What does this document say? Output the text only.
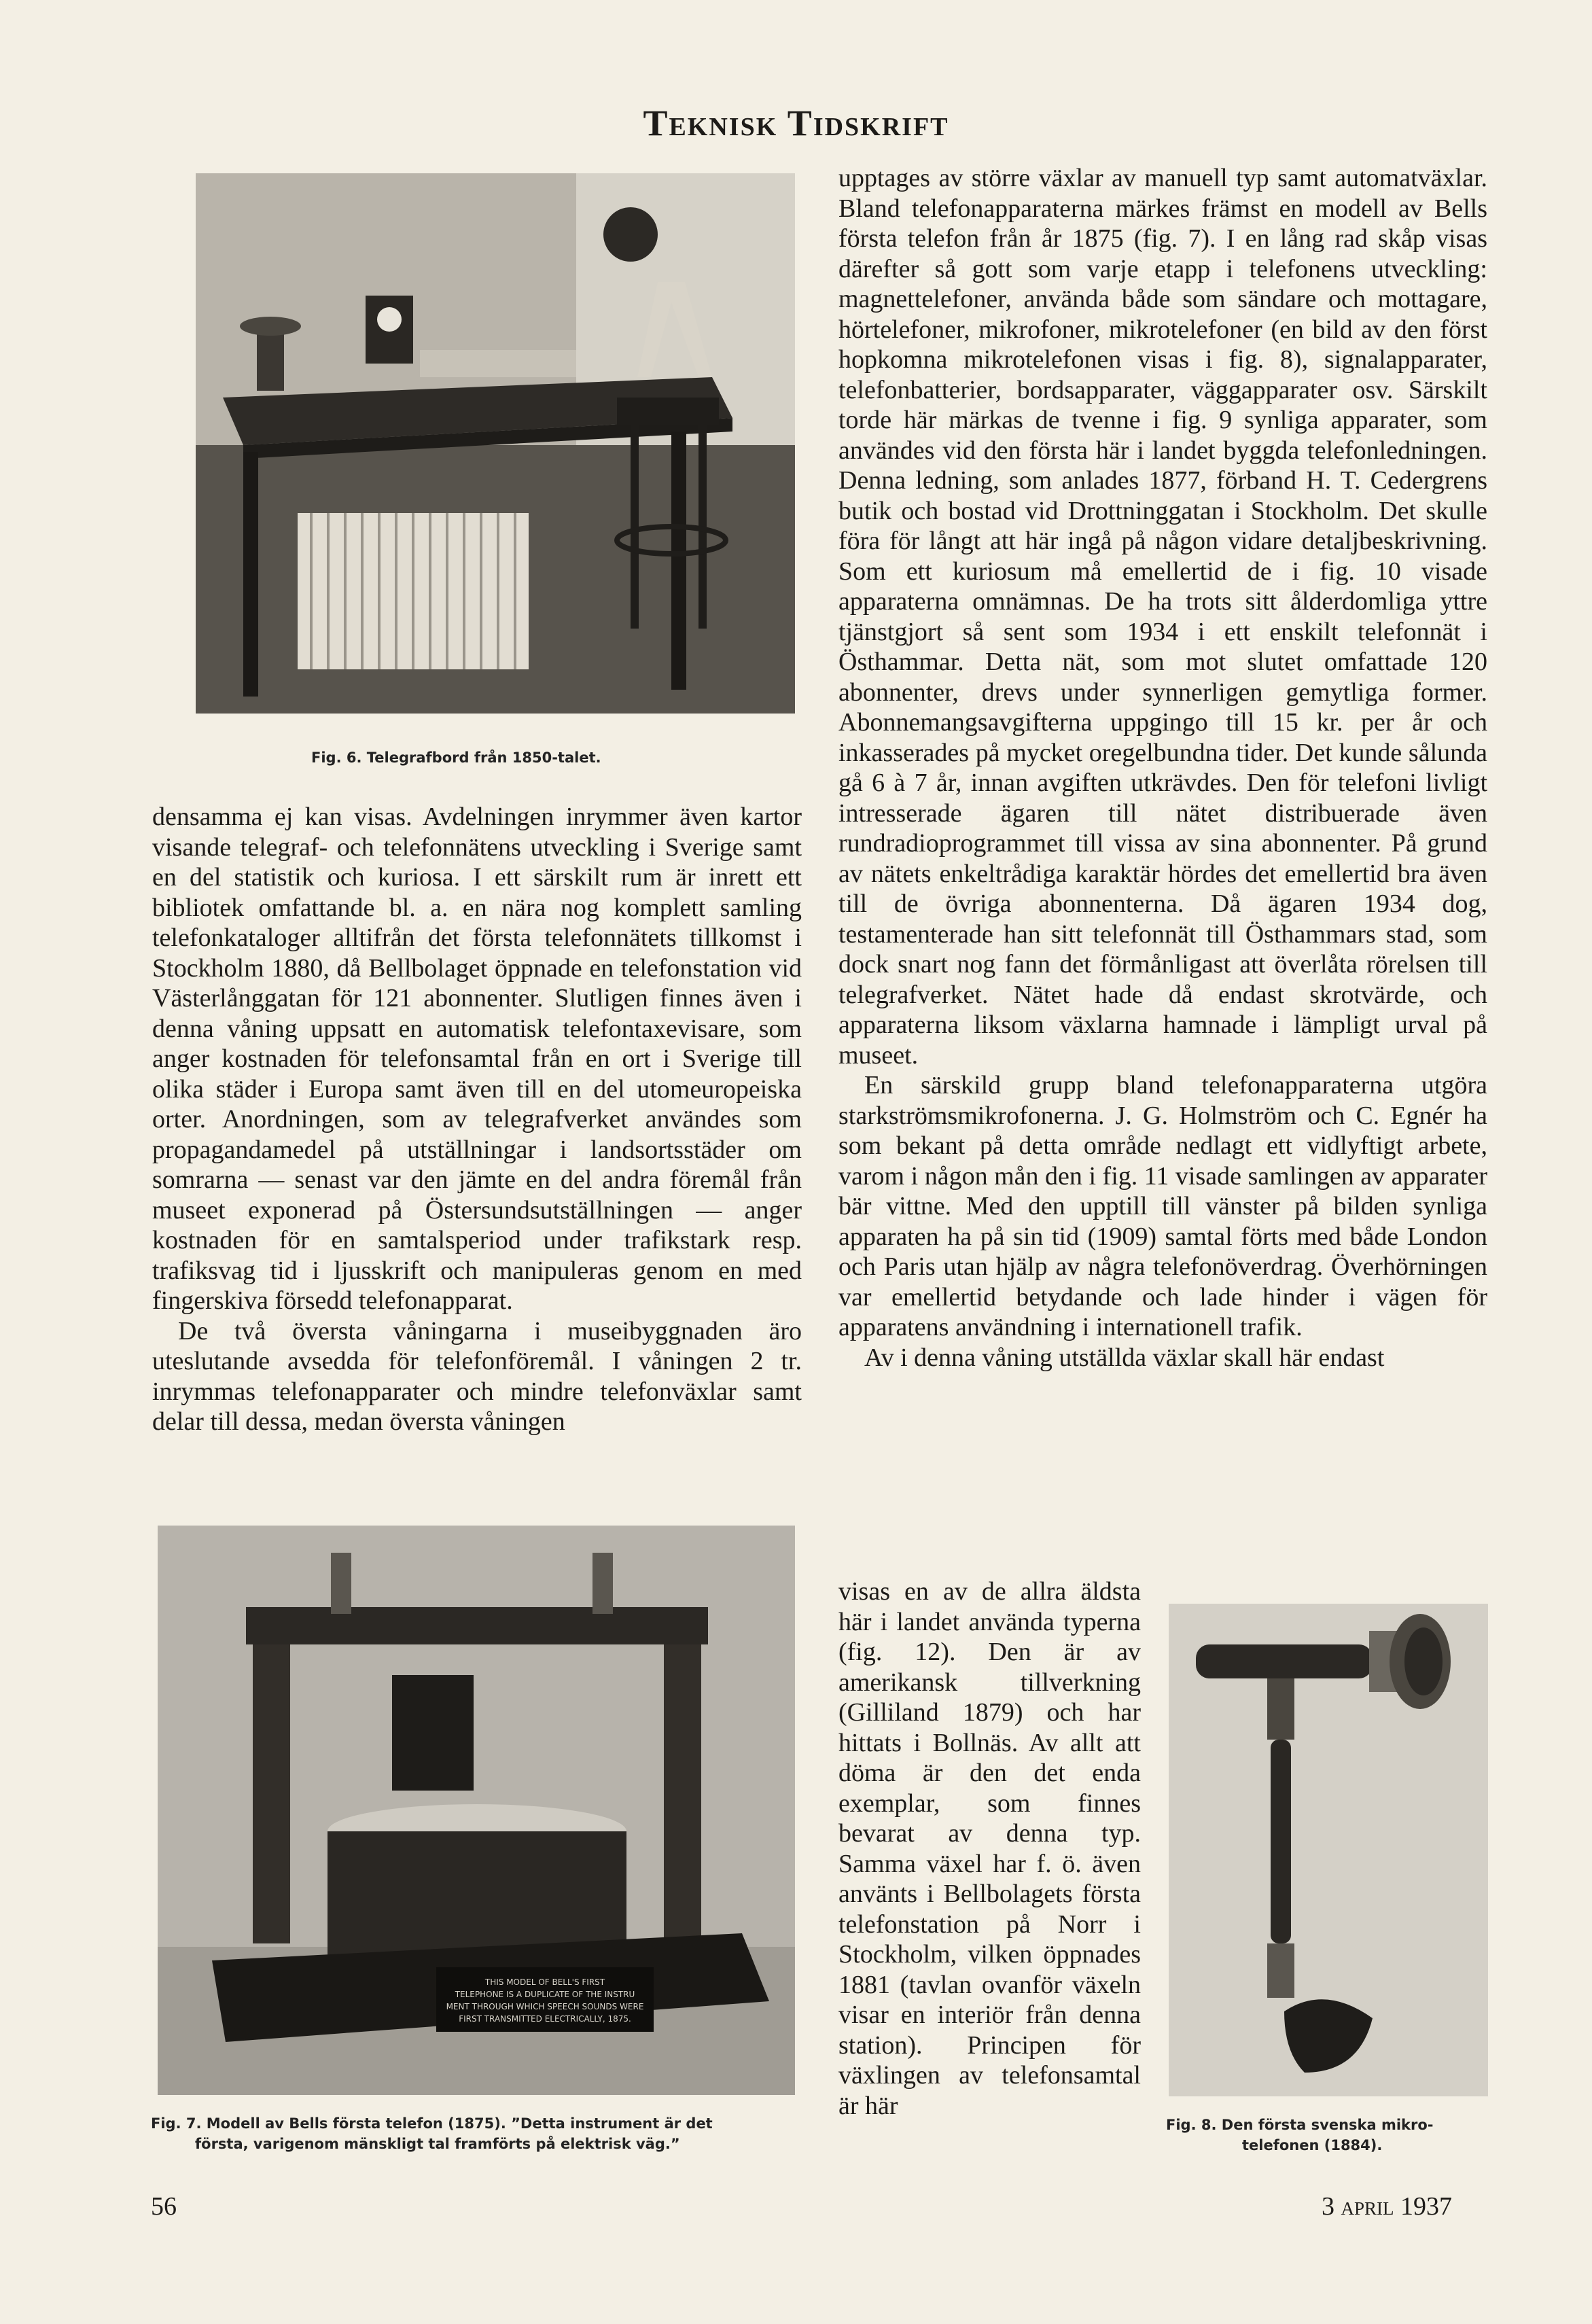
Teknisk Tidskrift
Fig. 6. Telegrafbord från 1850-talet.

densamma ej kan visas. Avdelningen inrymmer även kartor visande telegraf- och telefonnätens utveckling i Sverige samt en del statistik och kuriosa. I ett särskilt rum är inrett ett bibliotek omfattande bl. a. en nära nog komplett samling telefonkataloger alltifrån det första telefonnätets tillkomst i Stockholm 1880, då Bellbolaget öppnade en telefonstation vid Västerlånggatan för 121 abonnenter. Slutligen finnes även i denna våning uppsatt en automatisk telefontaxevisare, som anger kostnaden för telefonsamtal från en ort i Sverige till olika städer i Europa samt även till en del utomeuropeiska orter. Anordningen, som av telegrafverket användes som propagandamedel på utställningar i landsortsstäder om somrarna — senast var den jämte en del andra föremål från museet exponerad på Östersundsutställningen — anger kostnaden för en samtalsperiod under trafikstark resp. trafiksvag tid i ljusskrift och manipuleras genom en med fingerskiva försedd telefonapparat.

De två översta våningarna i museibyggnaden äro uteslutande avsedda för telefonföremål. I våningen 2 tr. inrymmas telefonapparater och mindre telefonväxlar samt delar till dessa, medan översta våningen

THIS MODEL OF BELL'S FIRST
TELEPHONE IS A DUPLICATE OF THE INSTRU
MENT THROUGH WHICH SPEECH SOUNDS WERE
FIRST TRANSMITTED ELECTRICALLY, 1875.
Fig. 7. Modell av Bells första telefon (1875). ”Detta instrument är det
första, varigenom mänskligt tal framförts på elektrisk väg.”

upptages av större växlar av manuell typ samt automatväxlar. Bland telefonapparaterna märkes främst en modell av Bells första telefon från år 1875 (fig. 7). I en lång rad skåp visas därefter så gott som varje etapp i telefonens utveckling: magnettelefoner, använda både som sändare och mottagare, hörtelefoner, mikrofoner, mikrotelefoner (en bild av den först hopkomna mikrotelefonen visas i fig. 8), signalapparater, telefonbatterier, bordsapparater, väggapparater osv. Särskilt torde här märkas de tvenne i fig. 9 synliga apparater, som användes vid den första här i landet byggda telefonledningen. Denna ledning, som anlades 1877, förband H. T. Cedergrens butik och bostad vid Drottninggatan i Stockholm. Det skulle föra för långt att här ingå på någon vidare detaljbeskrivning. Som ett kuriosum må emellertid de i fig. 10 visade apparaterna omnämnas. De ha trots sitt ålderdomliga yttre tjänstgjort så sent som 1934 i ett enskilt telefonnät i Östhammar. Detta nät, som mot slutet omfattade 120 abonnenter, drevs under synnerligen gemytliga former. Abonnemangsavgifterna uppgingo till 15 kr. per år och inkasserades på mycket oregelbundna tider. Det kunde sålunda gå 6 à 7 år, innan avgiften utkrävdes. Den för telefoni livligt intresserade ägaren till nätet distribuerade även rundradioprogrammet till vissa av sina abonnenter. På grund av nätets enkeltrådiga karaktär hördes det emellertid bra även till de övriga abonnenterna. Då ägaren 1934 dog, testamenterade han sitt telefonnät till Östhammars stad, som dock snart nog fann det förmånligast att överlåta rörelsen till telegrafverket. Nätet hade då endast skrotvärde, och apparaterna liksom växlarna hamnade i lämpligt urval på museet.

En särskild grupp bland telefonapparaterna utgöra starkströmsmikrofonerna. J. G. Holmström och C. Egnér ha som bekant på detta område nedlagt ett vidlyftigt arbete, varom i någon mån den i fig. 11 visade samlingen av apparater bär vittne. Med den upptill till vänster på bilden synliga apparaten ha på sin tid (1909) samtal förts med både London och Paris utan hjälp av några telefonöverdrag. Överhörningen var emellertid betydande och lade hinder i vägen för apparatens användning i internationell trafik.

Av i denna våning utställda växlar skall här endast

visas en av de allra äldsta här i landet använda typerna (fig. 12). Den är av amerikansk tillverkning (Gilliland 1879) och har hittats i Bollnäs. Av allt att döma är den det enda exemplar, som finnes bevarat av denna typ. Samma växel har f. ö. även använts i Bellbolagets första telefonstation på Norr i Stockholm, vilken öppnades 1881 (tavlan ovanför växeln visar en interiör från denna station). Principen för växlingen av telefonsamtal är här
Fig. 8. Den första svenska mikro-
telefonen (1884).
56	3 april 1937
